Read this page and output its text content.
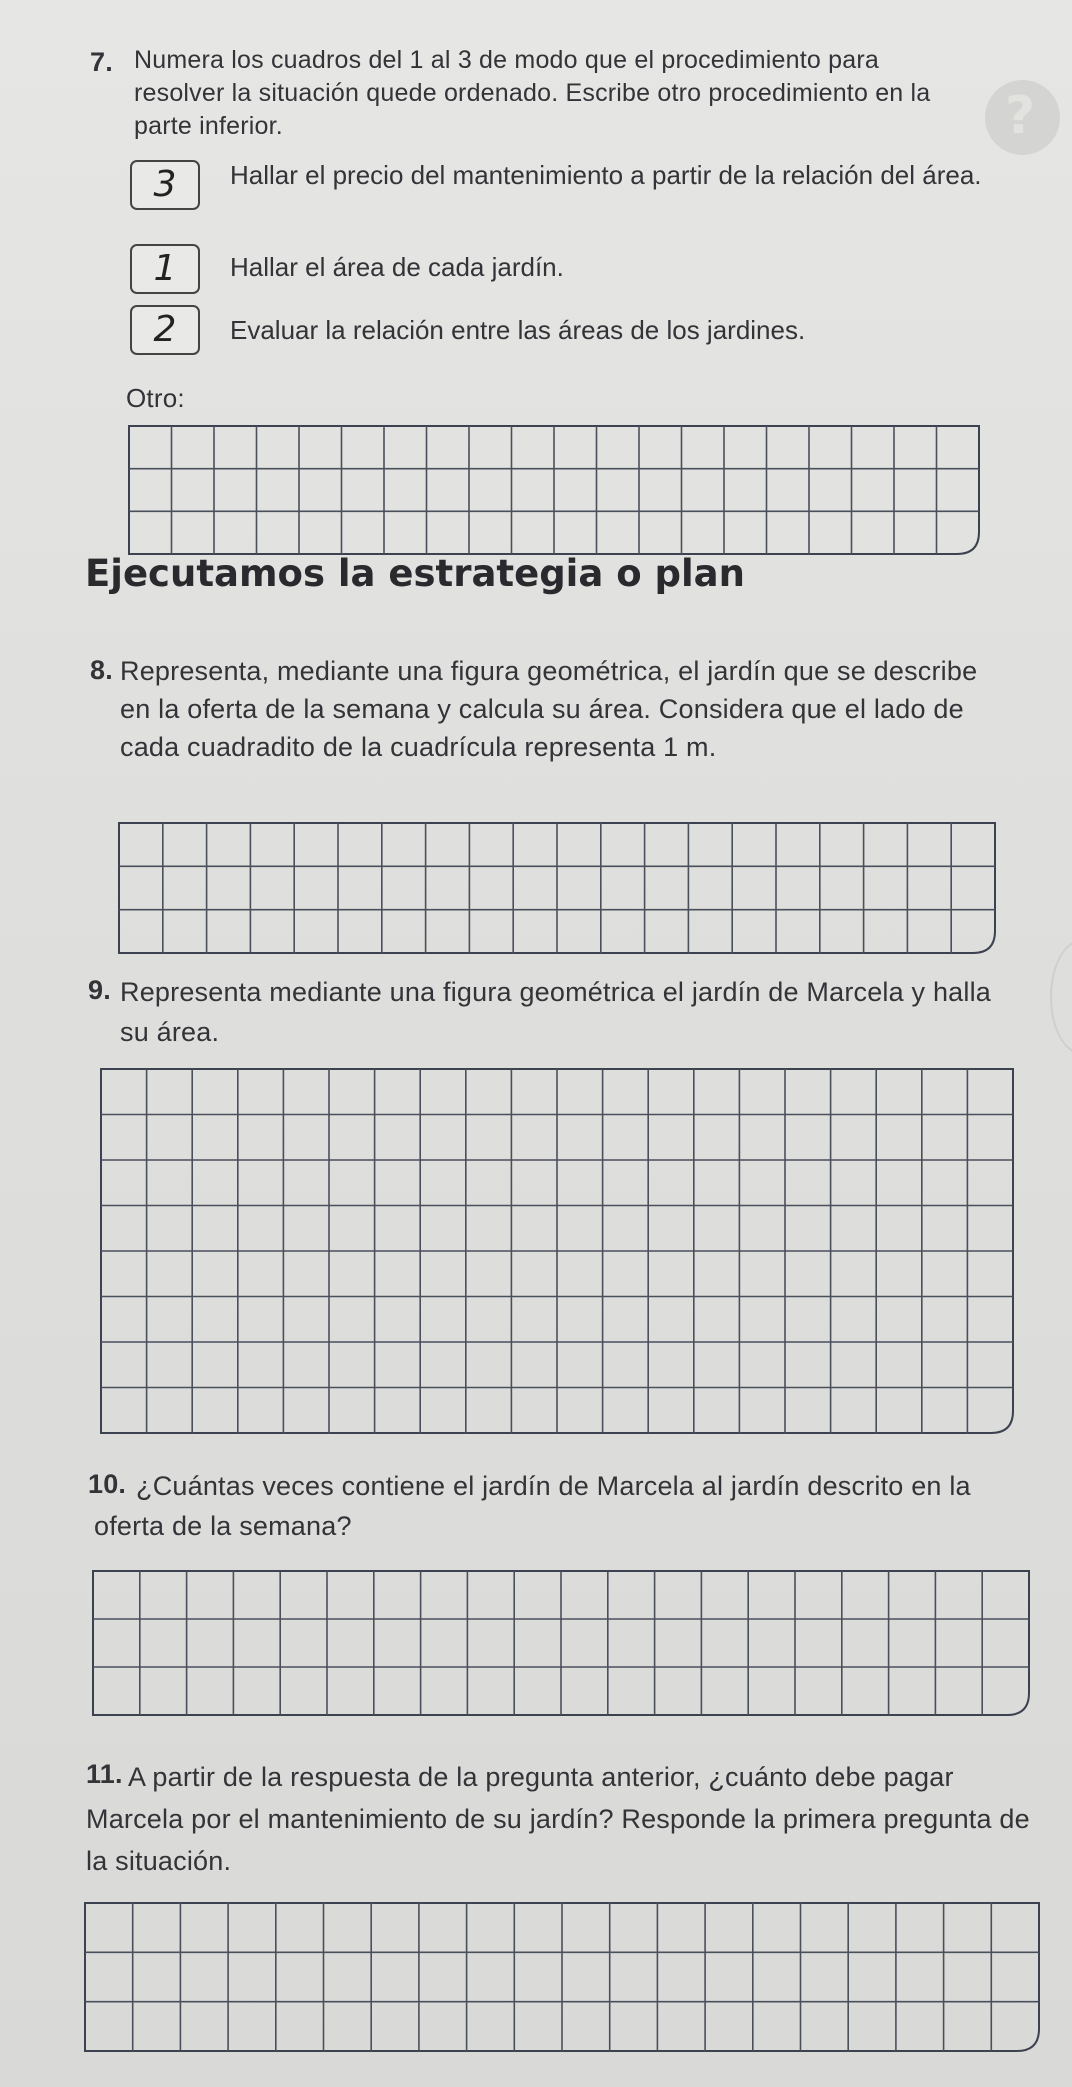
?
7. Numera los cuadros del 1 al 3 de modo que el procedimiento para resolver la situación quede ordenado. Escribe otro procedimiento en la parte inferior.

3	Hallar el precio del mantenimiento a partir de la relación del área.
1	Hallar el área de cada jardín.
2	Evaluar la relación entre las áreas de los jardines.
Otro:
Ejecutamos la estrategia o plan
8. Representa, mediante una figura geométrica, el jardín que se describe en la oferta de la semana y calcula su área. Considera que el lado de cada cuadradito de la cuadrícula representa 1 m.

9. Representa mediante una figura geométrica el jardín de Marcela y halla su área.

10. ¿Cuántas veces contiene el jardín de Marcela al jardín descrito en la oferta de la semana?

11. A partir de la respuesta de la pregunta anterior, ¿cuánto debe pagar Marcela por el mantenimiento de su jardín? Responde la primera pregunta de la situación.
